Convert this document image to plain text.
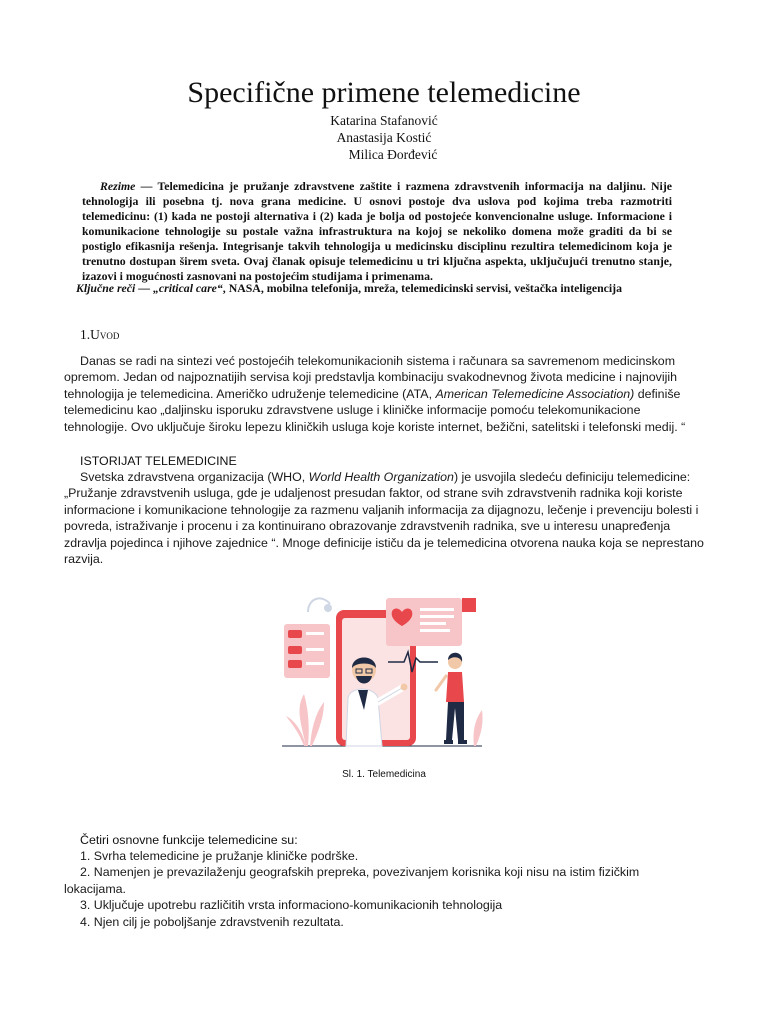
Specifične primene telemedicine
Katarina Stafanović
Anastasija Kostić
Milica Đorđević

Rezime — Telemedicina je pružanje zdravstvene zaštite i razmena zdravstvenih informacija na daljinu. Nije tehnologija ili posebna tj. nova grana medicine. U osnovi postoje dva uslova pod kojima treba razmotriti telemedicinu: (1) kada ne postoji alternativa i (2) kada je bolja od postojeće konvencionalne usluge. Informacione i komunikacione tehnologije su postale važna infrastruktura na kojoj se nekoliko domena može graditi da bi se postiglo efikasnija rešenja. Integrisanje takvih tehnologija u medicinsku disciplinu rezultira telemedicinom koja je trenutno dostupan širem sveta. Ovaj članak opisuje telemedicinu u tri ključna aspekta, uključujući trenutno stanje, izazovi i mogućnosti zasnovani na postojećim studijama i primenama.

Ključne reči — „critical care“, NASA, mobilna telefonija, mreža, telemedicinski servisi, veštačka inteligencija

1.Uvod

Danas se radi na sintezi već postojećih telekomunikacionih sistema i računara sa savremenom medicinskom opremom. Jedan od najpoznatijih servisa koji predstavlja kombinaciju svakodnevnog života medicine i najnovijih tehnologija je telemedicina. Američko udruženje telemedicine (ATA, American Telemedicine Association) definiše telemedicinu kao „daljinsku isporuku zdravstvene usluge i kliničke informacije pomoću telekomunikacione tehnologije. Ovo uključuje široku lepezu kliničkih usluga koje koriste internet, bežični, satelitski i telefonski medij. “

ISTORIJAT TELEMEDICINE

Svetska zdravstvena organizacija (WHO, World Health Organization) je usvojila sledeću definiciju telemedicine:„Pružanje zdravstvenih usluga, gde je udaljenost presudan faktor, od strane svih zdravstvenih radnika koji koriste informacione i komunikacione tehnologije za razmenu valjanih informacija za dijagnozu, lečenje i prevenciju bolesti i povreda, istraživanje i procenu i za kontinuirano obrazovanje zdravstvenih radnika, sve u interesu unapređenja zdravlja pojedinca i njihove zajednice “. Mnoge definicije ističu da je telemedicina otvorena nauka koja se neprestano razvija.

Sl. 1. Telemedicina

Četiri osnovne funkcije telemedicine su:

1. Svrha telemedicine je pružanje kliničke podrške.
2. Namenjen je prevazilaženju geografskih prepreka, povezivanjem korisnika koji nisu na istim fizičkim lokacijama.
3. Uključuje upotrebu različitih vrsta informaciono-komunikacionih tehnologija
4. Njen cilj je poboljšanje zdravstvenih rezultata.
